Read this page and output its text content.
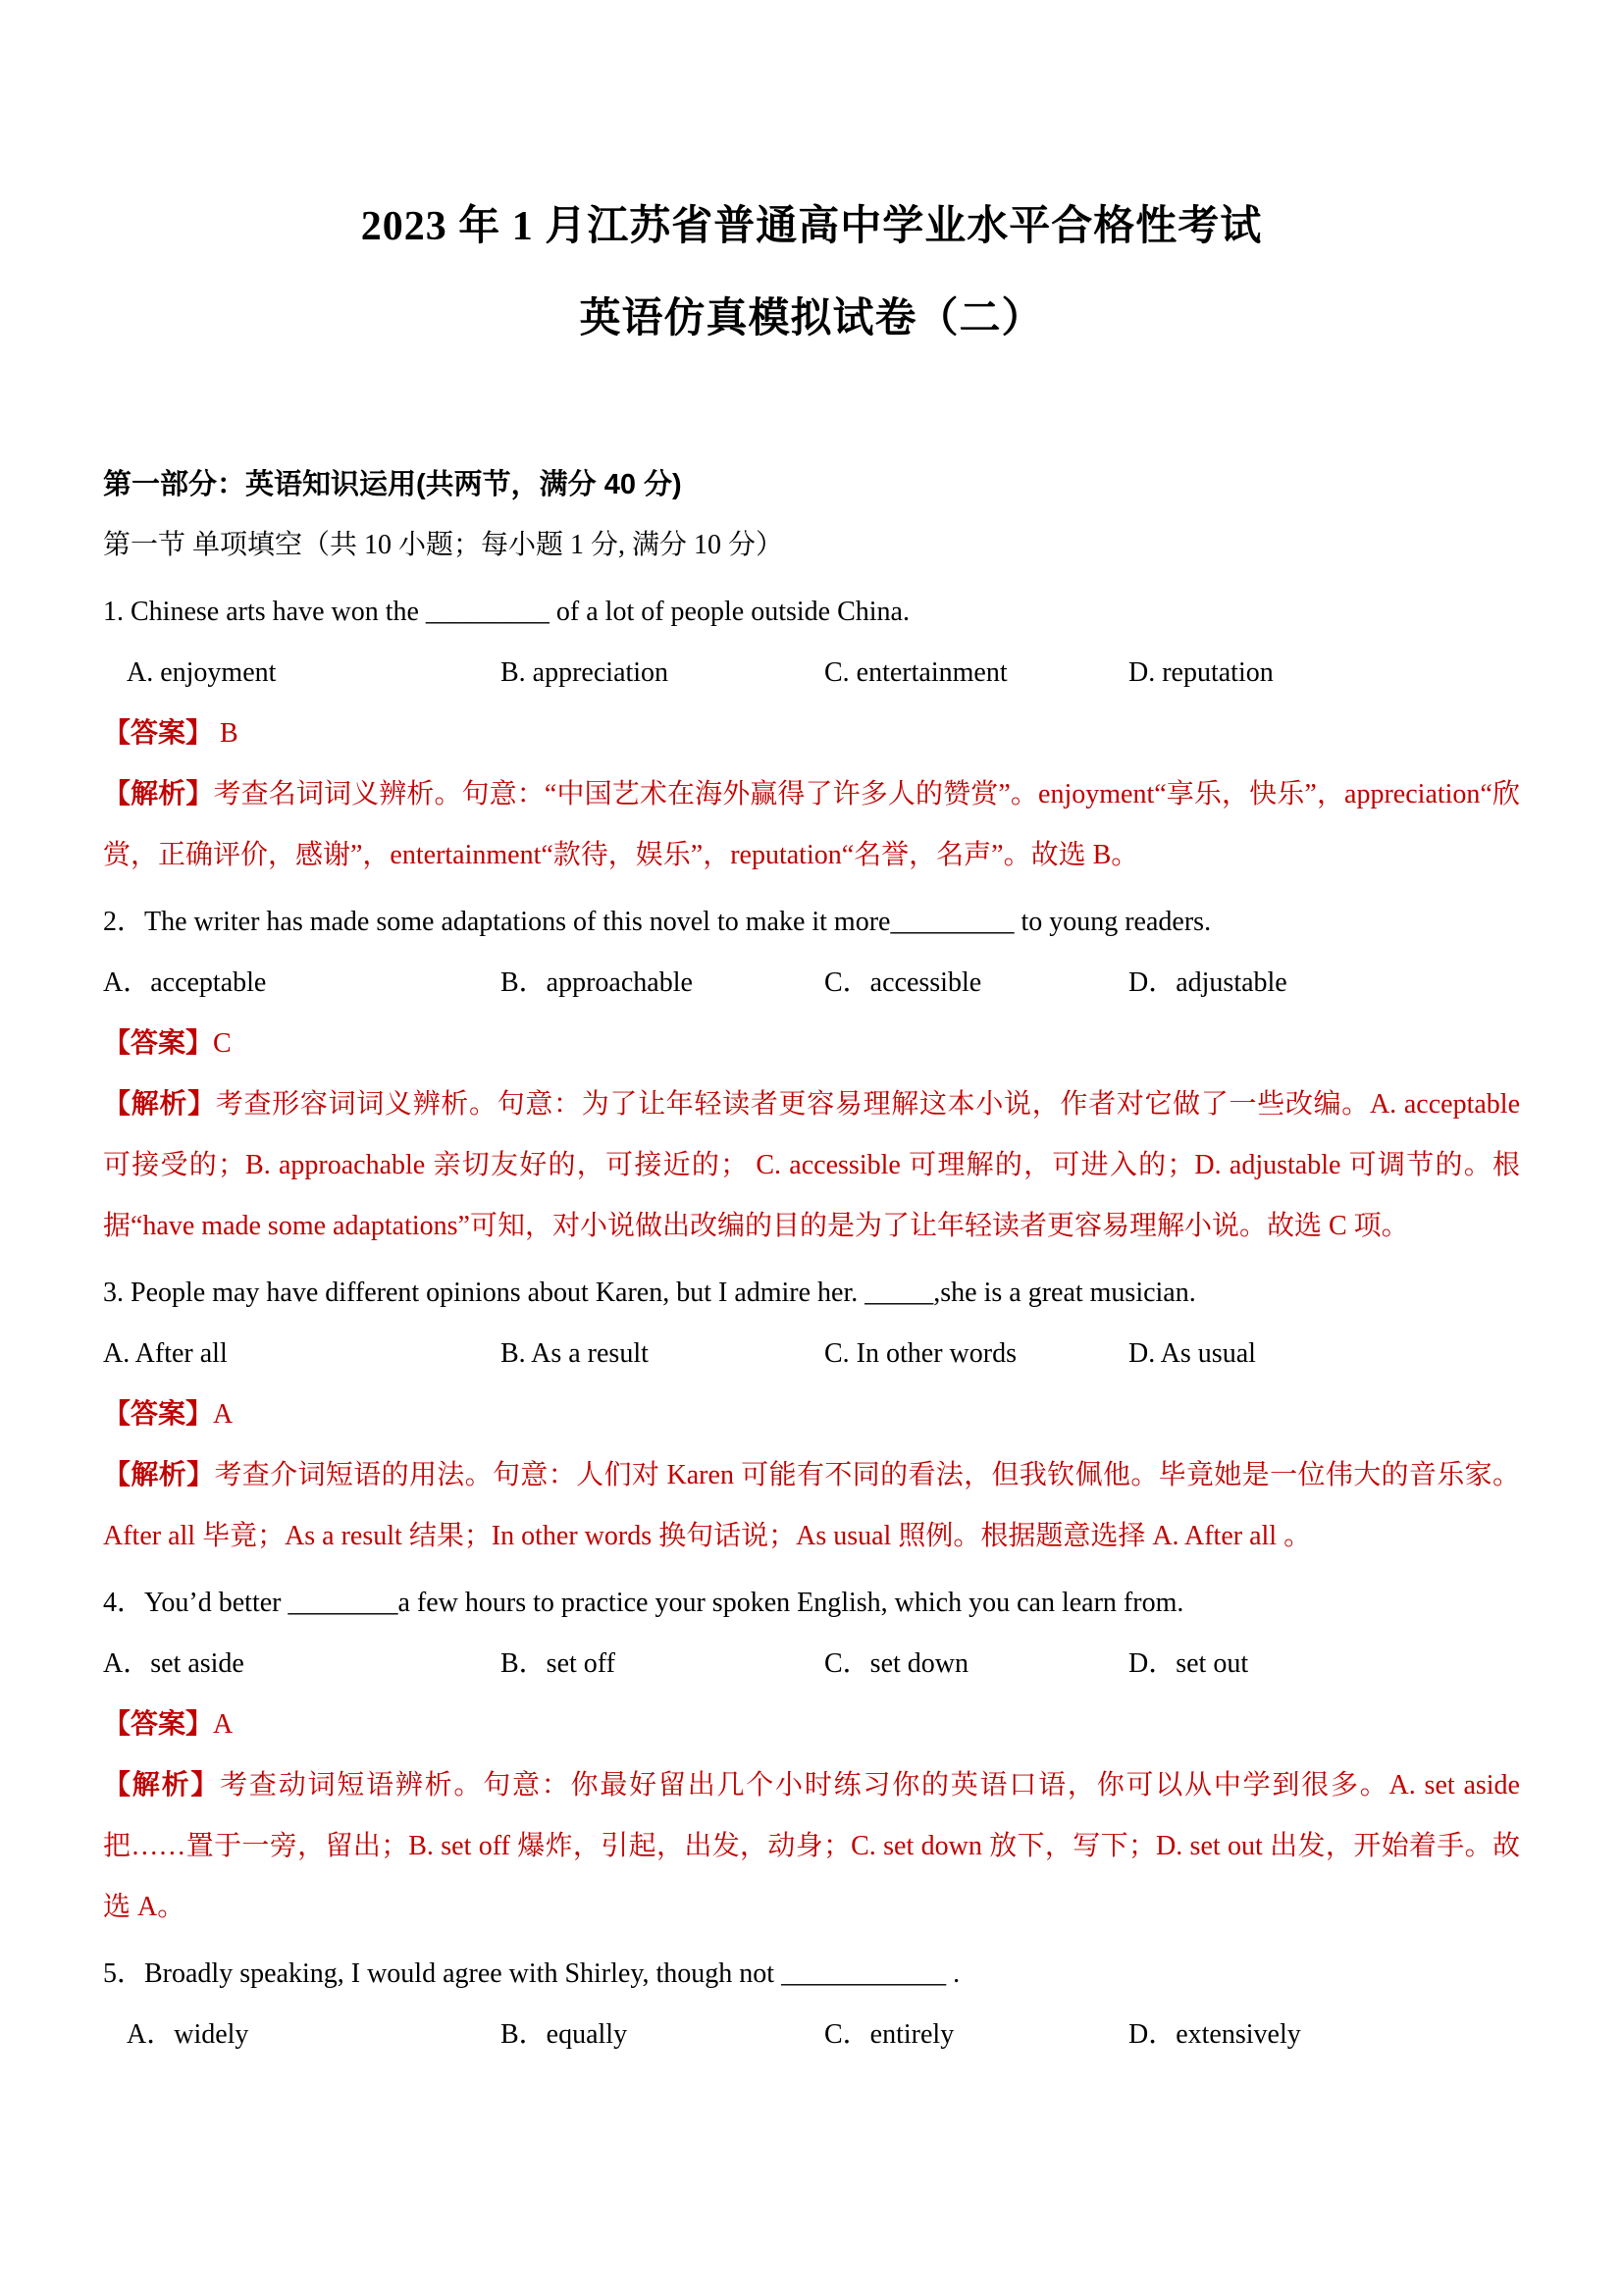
2023 年 1 月江苏省普通高中学业水平合格性考试

英语仿真模拟试卷（二）

第一部分：英语知识运用(共两节，满分 40 分)

第一节 单项填空（共 10 小题；每小题 1 分, 满分 10 分）

1. Chinese arts have won the _________ of a lot of people outside China.

A. enjoyment	B. appreciation	C. entertainment	D. reputation

【答案】 B

【解析】考查名词词义辨析。句意：“中国艺术在海外赢得了许多人的赞赏”。enjoyment“享乐，快乐”，appreciation“欣赏，正确评价，感谢”，entertainment“款待，娱乐”，reputation“名誉，名声”。故选 B。

2．The writer has made some adaptations of this novel to make it more_________ to young readers.

A．acceptable	B．approachable	C．accessible	D．adjustable

【答案】C

【解析】考查形容词词义辨析。句意：为了让年轻读者更容易理解这本小说，作者对它做了一些改编。A. acceptable 可接受的；B. approachable 亲切友好的，可接近的； C. accessible 可理解的，可进入的；D. adjustable 可调节的。根据“have made some adaptations”可知，对小说做出改编的目的是为了让年轻读者更容易理解小说。故选 C 项。

3. People may have different opinions about Karen, but I admire her. _____,she is a great musician.

A. After all	B. As a result	C. In other words	D. As usual

【答案】A

【解析】考查介词短语的用法。句意：人们对 Karen 可能有不同的看法，但我钦佩他。毕竟她是一位伟大的音乐家。After all 毕竟；As a result 结果；In other words 换句话说；As usual 照例。根据题意选择 A. After all 。

4．You’d better ________a few hours to practice your spoken English, which you can learn from.

A．set aside	B．set off	C．set down	D．set out

【答案】A

【解析】考查动词短语辨析。句意：你最好留出几个小时练习你的英语口语，你可以从中学到很多。A. set aside 把……置于一旁，留出；B. set off 爆炸，引起，出发，动身；C. set down 放下，写下；D. set out 出发，开始着手。故选 A。

5．Broadly speaking, I would agree with Shirley, though not ____________ .

A．widely	B．equally	C．entirely	D．extensively
